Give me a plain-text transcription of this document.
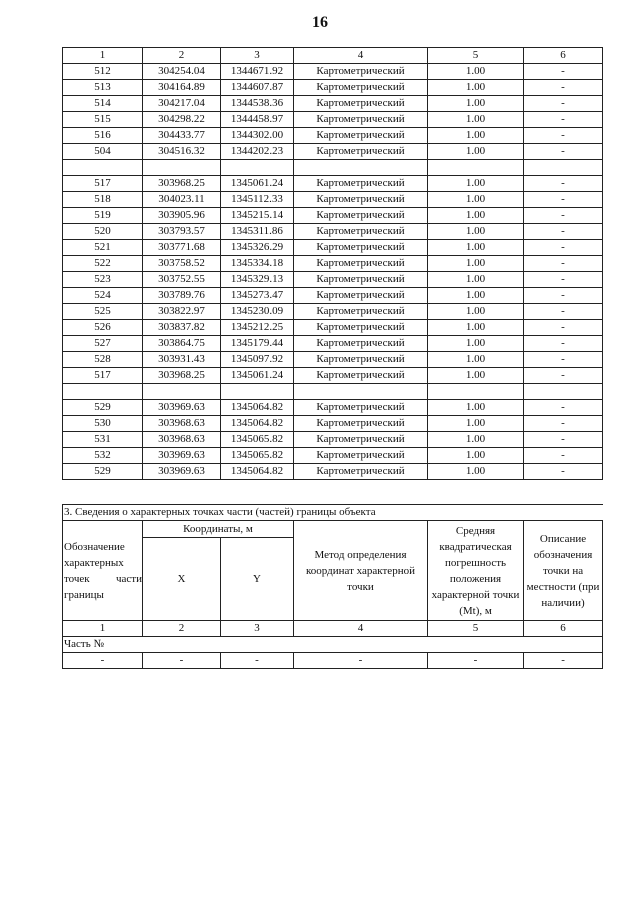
16
1	2	3	4	5	6
512	304254.04	1344671.92	Картометрический	1.00	-
513	304164.89	1344607.87	Картометрический	1.00	-
514	304217.04	1344538.36	Картометрический	1.00	-
515	304298.22	1344458.97	Картометрический	1.00	-
516	304433.77	1344302.00	Картометрический	1.00	-
504	304516.32	1344202.23	Картометрический	1.00	-

517	303968.25	1345061.24	Картометрический	1.00	-
518	304023.11	1345112.33	Картометрический	1.00	-
519	303905.96	1345215.14	Картометрический	1.00	-
520	303793.57	1345311.86	Картометрический	1.00	-
521	303771.68	1345326.29	Картометрический	1.00	-
522	303758.52	1345334.18	Картометрический	1.00	-
523	303752.55	1345329.13	Картометрический	1.00	-
524	303789.76	1345273.47	Картометрический	1.00	-
525	303822.97	1345230.09	Картометрический	1.00	-
526	303837.82	1345212.25	Картометрический	1.00	-
527	303864.75	1345179.44	Картометрический	1.00	-
528	303931.43	1345097.92	Картометрический	1.00	-
517	303968.25	1345061.24	Картометрический	1.00	-

529	303969.63	1345064.82	Картометрический	1.00	-
530	303968.63	1345064.82	Картометрический	1.00	-
531	303968.63	1345065.82	Картометрический	1.00	-
532	303969.63	1345065.82	Картометрический	1.00	-
529	303969.63	1345064.82	Картометрический	1.00	-
3. Сведения о характерных точках части (частей) границы объекта					
Обозначение
характерных

точек части
границы	Координаты, м		Метод определения координат характерной точки	Средняя квадратическая погрешность положения характерной точки (Mt), м	Описание обозначения точки на местности (при наличии)
	X	Y			
1	2	3	4	5	6
Часть №					
-	-	-	-	-	-
